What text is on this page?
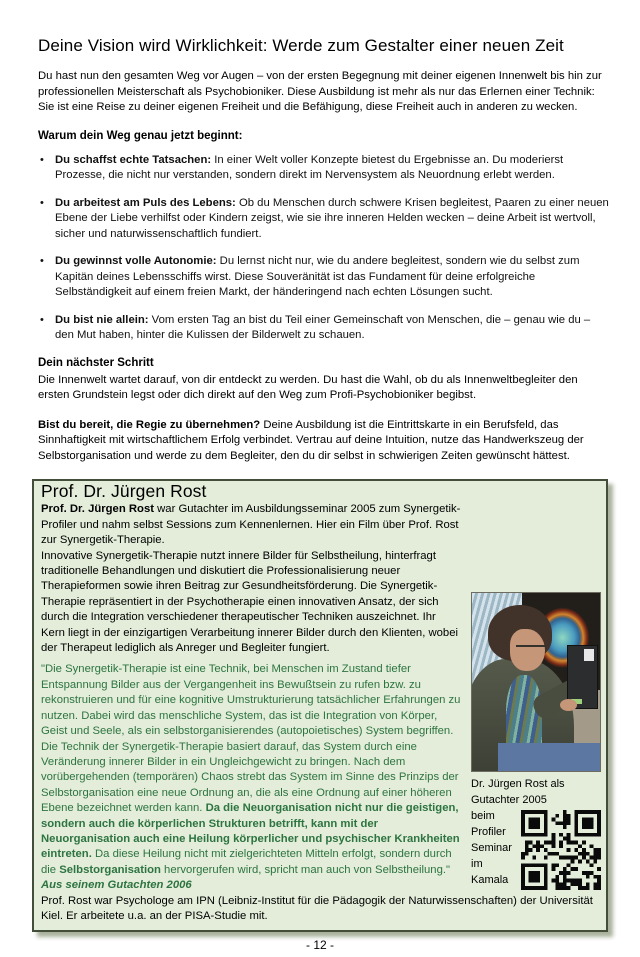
Deine Vision wird Wirklichkeit: Werde zum Gestalter einer neuen Zeit

Du hast nun den gesamten Weg vor Augen – von der ersten Begegnung mit deiner eigenen Innenwelt bis hin zur professionellen Meisterschaft als Psychobioniker. Diese Ausbildung ist mehr als nur das Erlernen einer Technik: Sie ist eine Reise zu deiner eigenen Freiheit und die Befähigung, diese Freiheit auch in anderen zu wecken.

Warum dein Weg genau jetzt beginnt:

• Du schaffst echte Tatsachen: In einer Welt voller Konzepte bietest du Ergebnisse an. Du moderierst Prozesse, die nicht nur verstanden, sondern direkt im Nervensystem als Neuordnung erlebt werden.
• Du arbeitest am Puls des Lebens: Ob du Menschen durch schwere Krisen begleitest, Paaren zu einer neuen Ebene der Liebe verhilfst oder Kindern zeigst, wie sie ihre inneren Helden wecken – deine Arbeit ist wertvoll, sicher und naturwissenschaftlich fundiert.
• Du gewinnst volle Autonomie: Du lernst nicht nur, wie du andere begleitest, sondern wie du selbst zum Kapitän deines Lebensschiffs wirst. Diese Souveränität ist das Fundament für deine erfolgreiche Selbständigkeit auf einem freien Markt, der händeringend nach echten Lösungen sucht.
• Du bist nie allein: Vom ersten Tag an bist du Teil einer Gemeinschaft von Menschen, die – genau wie du – den Mut haben, hinter die Kulissen der Bilderwelt zu schauen.

Dein nächster Schritt

Die Innenwelt wartet darauf, von dir entdeckt zu werden. Du hast die Wahl, ob du als Innenweltbegleiter den ersten Grundstein legst oder dich direkt auf den Weg zum Profi-Psychobioniker begibst.

Bist du bereit, die Regie zu übernehmen? Deine Ausbildung ist die Eintrittskarte in ein Berufsfeld, das Sinnhaftigkeit mit wirtschaftlichem Erfolg verbindet. Vertrau auf deine Intuition, nutze das Handwerkszeug der Selbstorganisation und werde zu dem Begleiter, den du dir selbst in schwierigen Zeiten gewünscht hättest.

Prof. Dr. Jürgen Rost
Dr. Jürgen Rost als
Gutachter 2005
beim
Profiler
Seminar
im
Kamala

Prof. Dr. Jürgen Rost war Gutachter im Ausbildungsseminar 2005 zum Synergetik-Profiler und nahm selbst Sessions zum Kennenlernen. Hier ein Film über Prof. Rost zur Synergetik-Therapie.

Innovative Synergetik-Therapie nutzt innere Bilder für Selbstheilung, hinterfragt traditionelle Behandlungen und diskutiert die Professionalisierung neuer Therapieformen sowie ihren Beitrag zur Gesundheitsförderung. Die Synergetik-Therapie repräsentiert in der Psychotherapie einen innovativen Ansatz, der sich durch die Integration verschiedener therapeutischer Techniken auszeichnet. Ihr Kern liegt in der einzigartigen Verarbeitung innerer Bilder durch den Klienten, wobei der Therapeut lediglich als Anreger und Begleiter fungiert.

"Die Synergetik-Therapie ist eine Technik, bei Menschen im Zustand tiefer Entspannung Bilder aus der Vergangenheit ins Bewußtsein zu rufen bzw. zu rekonstruieren und für eine kognitive Umstrukturierung tatsächlicher Erfahrungen zu nutzen. Dabei wird das menschliche System, das ist die Integration von Körper, Geist und Seele, als ein selbstorganisierendes (autopoietisches) System begriffen. Die Technik der Synergetik-Therapie basiert darauf, das System durch eine Veränderung innerer Bilder in ein Ungleichgewicht zu bringen. Nach dem vorübergehenden (temporären) Chaos strebt das System im Sinne des Prinzips der Selbstorganisation eine neue Ordnung an, die als eine Ordnung auf einer höheren Ebene bezeichnet werden kann. Da die Neuorganisation nicht nur die geistigen, sondern auch die körperlichen Strukturen betrifft, kann mit der Neuorganisation auch eine Heilung körperlicher und psychischer Krankheiten eintreten. Da diese Heilung nicht mit zielgerichteten Mitteln erfolgt, sondern durch die Selbstorganisation hervorgerufen wird, spricht man auch von Selbstheilung."

Aus seinem Gutachten 2006

Prof. Rost war Psychologe am IPN (Leibniz-Institut für die Pädagogik der Naturwissenschaften) der Universität Kiel. Er arbeitete u.a. an der PISA-Studie mit.

- 12 -
